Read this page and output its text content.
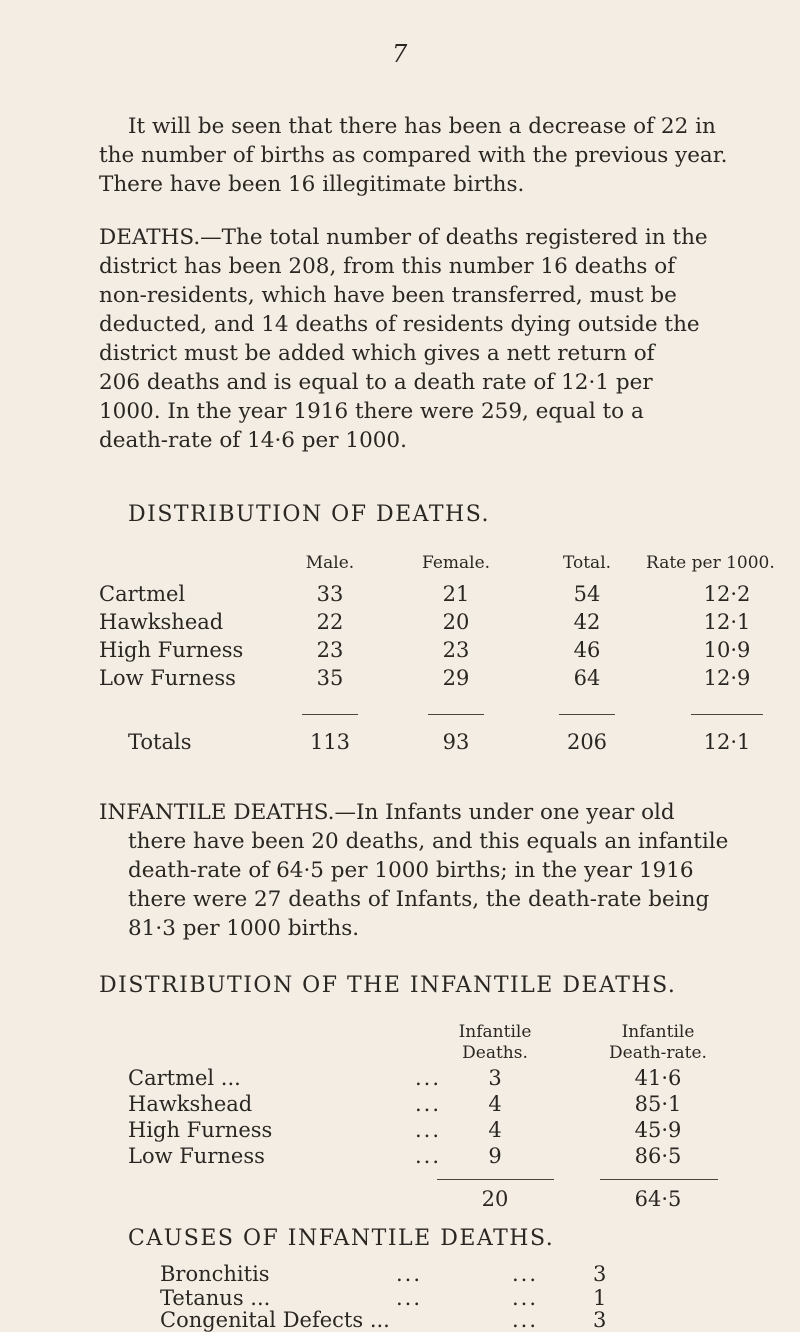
7
It will be seen that there has been a decrease of 22 in
the number of births as compared with the previous year.
There have been 16 illegitimate births.
DEATHS.—The total number of deaths registered in the
district has been 208, from this number 16 deaths of
non-residents, which have been transferred, must be
deducted, and 14 deaths of residents dying outside the
district must be added which gives a nett return of
206 deaths and is equal to a death rate of 12·1 per
1000. In the year 1916 there were 259, equal to a
death-rate of 14·6 per 1000.
DISTRIBUTION OF DEATHS.
Male.	Female.	Total.	Rate per 1000.
Cartmel	33	21	54	12·2
Hawkshead	22	20	42	12·1
High Furness	23	23	46	10·9
Low Furness	35	29	64	12·9
Totals	113	93	206	12·1
INFANTILE DEATHS.—In Infants under one year old
there have been 20 deaths, and this equals an infantile
death-rate of 64·5 per 1000 births; in the year 1916
there were 27 deaths of Infants, the death-rate being
81·3 per 1000 births.
DISTRIBUTION OF THE INFANTILE DEATHS.
Infantile
Deaths.
Infantile
Death-rate.
Cartmel ...	...	3	41·6
Hawkshead	...	4	85·1
High Furness	...	4	45·9
Low Furness	...	9	86·5
20	64·5
CAUSES OF INFANTILE DEATHS.
Bronchitis	...	...	3
Tetanus ...	...	...	1
Congenital Defects ...	...	3
